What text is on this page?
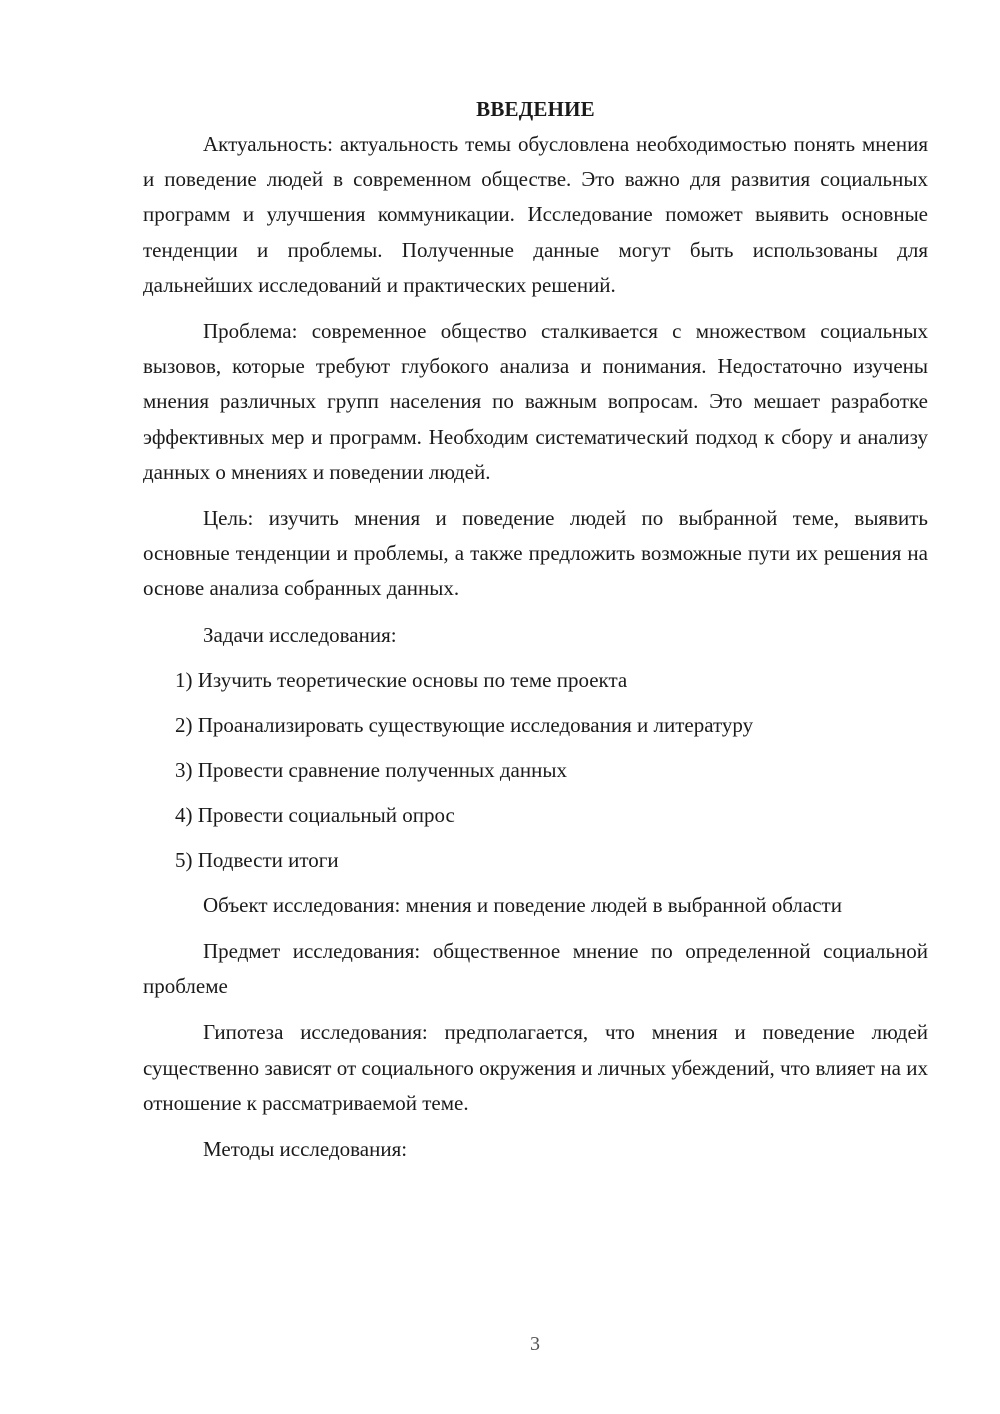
ВВЕДЕНИЕ

Актуальность: актуальность темы обусловлена необходимостью понять мнения и поведение людей в современном обществе. Это важно для развития социальных программ и улучшения коммуникации. Исследование поможет выявить основные тенденции и проблемы. Полученные данные могут быть использованы для дальнейших исследований и практических решений.

Проблема: современное общество сталкивается с множеством социальных вызовов, которые требуют глубокого анализа и понимания. Недостаточно изучены мнения различных групп населения по важным вопросам. Это мешает разработке эффективных мер и программ. Необходим систематический подход к сбору и анализу данных о мнениях и поведении людей.

Цель: изучить мнения и поведение людей по выбранной теме, выявить основные тенденции и проблемы, а также предложить возможные пути их решения на основе анализа собранных данных.

Задачи исследования:

1) Изучить теоретические основы по теме проекта
2) Проанализировать существующие исследования и литературу
3) Провести сравнение полученных данных
4) Провести социальный опрос
5) Подвести итоги

Объект исследования: мнения и поведение людей в выбранной области

Предмет исследования: общественное мнение по определенной социальной проблеме

Гипотеза исследования: предполагается, что мнения и поведение людей существенно зависят от социального окружения и личных убеждений, что влияет на их отношение к рассматриваемой теме.

Методы исследования:

3
